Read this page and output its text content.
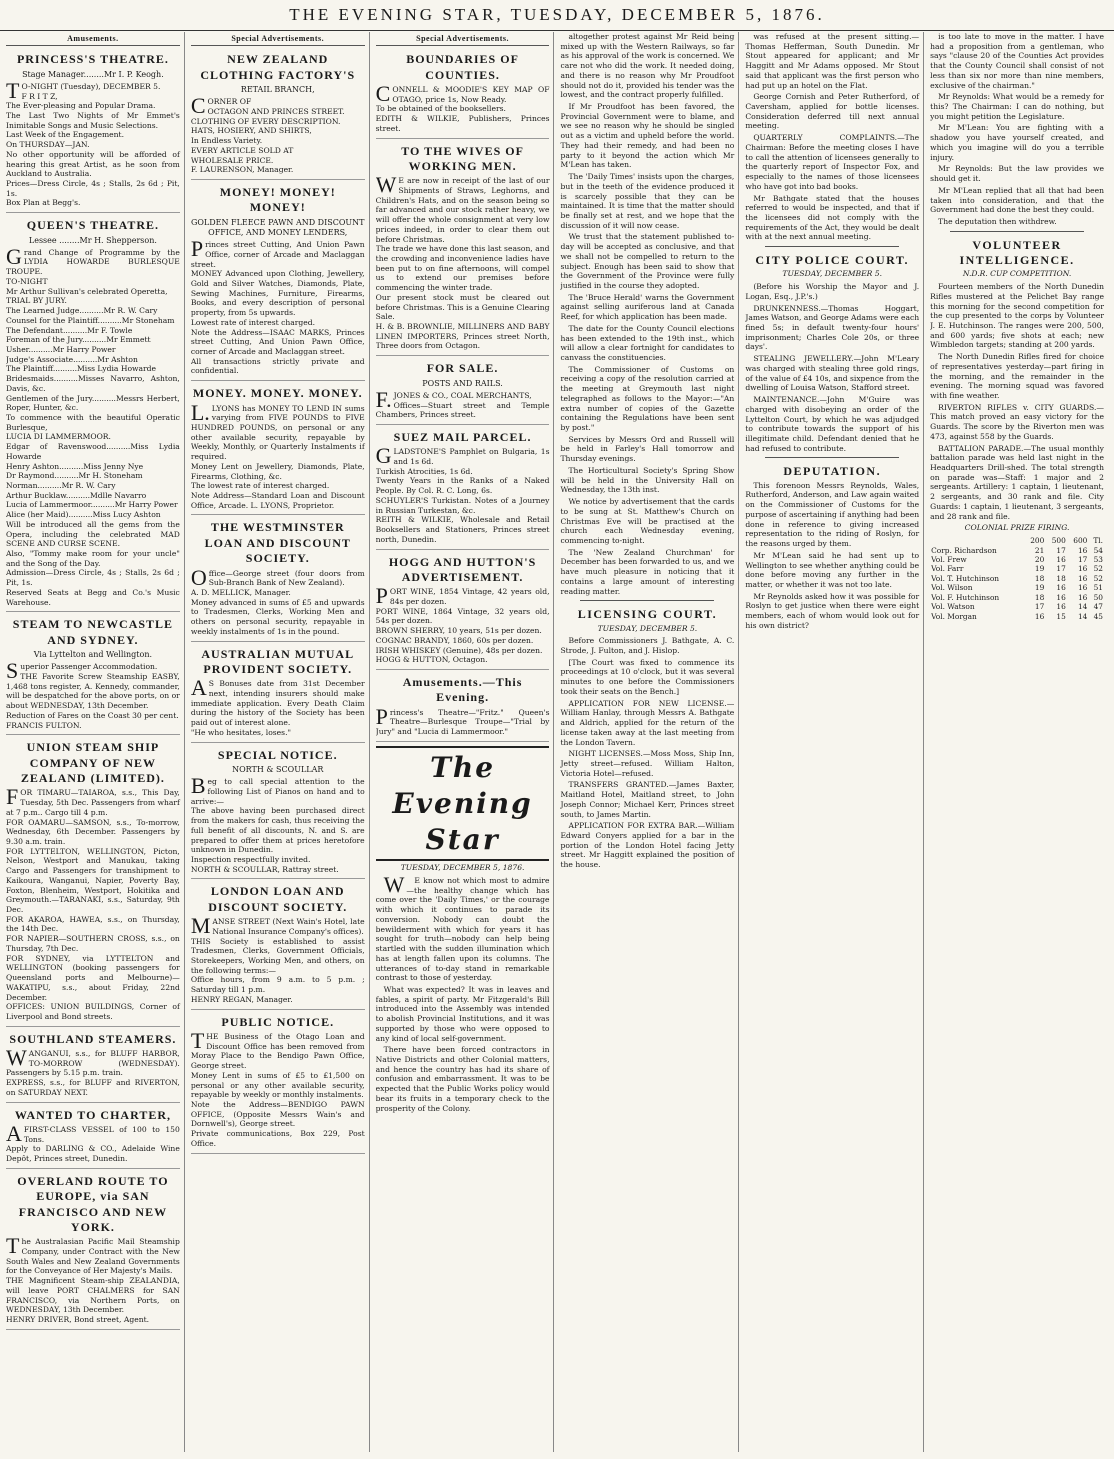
THE EVENING STAR, TUESDAY, DECEMBER 5, 1876.
Amusements.
PRINCESS'S THEATRE.
Stage Manager........Mr I. P. Keogh.
TO-NIGHT (Tuesday), DECEMBER 5.
F R I T Z,
The Ever-pleasing and Popular Drama.
The Last Two Nights of Mr Emmet's Inimitable Songs and Music Selections.
Last Week of the Engagement.
On THURSDAY—JAN.
No other opportunity will be afforded of hearing this great Artist, as he soon from Auckland to Australia.
Prices—Dress Circle, 4s ; Stalls, 2s 6d ; Pit, 1s.
Box Plan at Begg's.
QUEEN'S THEATRE.
Lessee ........Mr H. Shepperson.
Grand Change of Programme by the LYDIA HOWARDE BURLESQUE TROUPE.
TO-NIGHT
Mr Arthur Sullivan's celebrated Operetta,
TRIAL BY JURY.
The Learned Judge..........Mr R. W. Cary
Counsel for the Plaintiff..........Mr Stoneham
The Defendant..........Mr F. Towle
Foreman of the Jury..........Mr Emmett
Usher..........Mr Harry Power
Judge's Associate..........Mr Ashton
The Plaintiff..........Miss Lydia Howarde
Bridesmaids..........Misses Navarro, Ashton, Davis, &c.
Gentlemen of the Jury..........Messrs Herbert, Roper, Hunter, &c.
To commence with the beautiful Operatic Burlesque,
LUCIA DI LAMMERMOOR.
Edgar of Ravenswood..........Miss Lydia Howarde
Henry Ashton..........Miss Jenny Nye
Dr Raymond..........Mr H. Stoneham
Norman..........Mr R. W. Cary
Arthur Bucklaw..........Mdlle Navarro
Lucia of Lammermoor..........Mr Harry Power
Alice (her Maid)..........Miss Lucy Ashton
Will be introduced all the gems from the Opera, including the celebrated MAD SCENE AND CURSE SCENE.
Also, "Tommy make room for your uncle" and the Song of the Day.
Admission—Dress Circle, 4s ; Stalls, 2s 6d ; Pit, 1s.
Reserved Seats at Begg and Co.'s Music Warehouse.
STEAM TO NEWCASTLE AND SYDNEY.
Via Lyttelton and Wellington.
Superior Passenger Accommodation.
THE Favorite Screw Steamship EASBY, 1,468 tons register, A. Kennedy, commander, will be despatched for the above ports, on or about WEDNESDAY, 13th December.
Reduction of Fares on the Coast 30 per cent.
FRANCIS FULTON.
UNION STEAM SHIP COMPANY OF NEW ZEALAND (LIMITED).
FOR TIMARU—TAIAROA, s.s., This Day, Tuesday, 5th Dec. Passengers from wharf at 7 p.m.. Cargo till 4 p.m.
FOR OAMARU—SAMSON, s.s., To-morrow, Wednesday, 6th December. Passengers by 9.30 a.m. train.
FOR LYTTELTON, WELLINGTON, Picton, Nelson, Westport and Manukau, taking Cargo and Passengers for transhipment to Kaikoura, Wanganui, Napier, Poverty Bay, Foxton, Blenheim, Westport, Hokitika and Greymouth.—TARANAKI, s.s., Saturday, 9th Dec.
FOR AKAROA, HAWEA, s.s., on Thursday, the 14th Dec.
FOR NAPIER—SOUTHERN CROSS, s.s., on Thursday, 7th Dec.
FOR SYDNEY, via LYTTELTON and WELLINGTON (booking passengers for Queensland ports and Melbourne)—WAKATIPU, s.s., about Friday, 22nd December.
OFFICES: UNION BUILDINGS, Corner of Liverpool and Bond streets.
SOUTHLAND STEAMERS.
WANGANUI, s.s., for BLUFF HARBOR, TO-MORROW (WEDNESDAY). Passengers by 5.15 p.m. train.
EXPRESS, s.s., for BLUFF and RIVERTON, on SATURDAY NEXT.
WANTED TO CHARTER,
AFIRST-CLASS VESSEL of 100 to 150 Tons.
Apply to DARLING & CO., Adelaide Wine Depôt, Princes street, Dunedin.
OVERLAND ROUTE TO EUROPE, via SAN FRANCISCO AND NEW YORK.
The Australasian Pacific Mail Steamship Company, under Contract with the New South Wales and New Zealand Governments for the Conveyance of Her Majesty's Mails.
THE Magnificent Steam-ship ZEALANDIA, will leave PORT CHALMERS for SAN FRANCISCO, via Northern Ports, on WEDNESDAY, 13th December.
HENRY DRIVER, Bond street, Agent.
Special Advertisements.
NEW ZEALAND CLOTHING FACTORY'S
RETAIL BRANCH,
CORNER OF
OCTAGON AND PRINCES STREET.
CLOTHING OF EVERY DESCRIPTION.
HATS, HOSIERY, AND SHIRTS,
In Endless Variety.
EVERY ARTICLE SOLD AT
WHOLESALE PRICE.
F. LAURENSON, Manager.
MONEY! MONEY! MONEY!
GOLDEN FLEECE PAWN AND DISCOUNT OFFICE, AND MONEY LENDERS,
Princes street Cutting, And Union Pawn Office, corner of Arcade and Maclaggan street.
MONEY Advanced upon Clothing, Jewellery, Gold and Silver Watches, Diamonds, Plate, Sewing Machines, Furniture, Firearms, Books, and every description of personal property, from 5s upwards.
Lowest rate of interest charged.
Note the Address—ISAAC MARKS, Princes street Cutting, And Union Pawn Office, corner of Arcade and Maclaggan street.
All transactions strictly private and confidential.
MONEY. MONEY. MONEY.
L.LYONS has MONEY TO LEND IN sums varying from FIVE POUNDS to FIVE HUNDRED POUNDS, on personal or any other available security, repayable by Weekly, Monthly, or Quarterly Instalments if required.
Money Lent on Jewellery, Diamonds, Plate, Firearms, Clothing, &c.
The lowest rate of interest charged.
Note Address—Standard Loan and Discount Office, Arcade. L. LYONS, Proprietor.
THE WESTMINSTER LOAN AND DISCOUNT SOCIETY.
Office—George street (four doors from Sub-Branch Bank of New Zealand).
A. D. MELLICK, Manager.
Money advanced in sums of £5 and upwards to Tradesmen, Clerks, Working Men and others on personal security, repayable in weekly instalments of 1s in the pound.
AUSTRALIAN MUTUAL PROVIDENT SOCIETY.
AS Bonuses date from 31st December next, intending insurers should make immediate application. Every Death Claim during the history of the Society has been paid out of interest alone.
"He who hesitates, loses."
SPECIAL NOTICE.
NORTH & SCOULLAR
Beg to call special attention to the following List of Pianos on hand and to arrive:—
The above having been purchased direct from the makers for cash, thus receiving the full benefit of all discounts, N. and S. are prepared to offer them at prices heretofore unknown in Dunedin.
Inspection respectfully invited.
NORTH & SCOULLAR, Rattray street.
LONDON LOAN AND DISCOUNT SOCIETY.
MANSE STREET (Next Wain's Hotel, late National Insurance Company's offices).
THIS Society is established to assist Tradesmen, Clerks, Government Officials, Storekeepers, Working Men, and others, on the following terms:—
Office hours, from 9 a.m. to 5 p.m. ; Saturday till 1 p.m.
HENRY REGAN, Manager.
PUBLIC NOTICE.
THE Business of the Otago Loan and Discount Office has been removed from Moray Place to the Bendigo Pawn Office, George street.
Money Lent in sums of £5 to £1,500 on personal or any other available security, repayable by weekly or monthly instalments.
Note the Address—BENDIGO PAWN OFFICE, (Opposite Messrs Wain's and Dornwell's), George street.
Private communications, Box 229, Post Office.
Special Advertisements.
BOUNDARIES OF COUNTIES.
CONNELL & MOODIE'S KEY MAP OF OTAGO, price 1s, Now Ready.
To be obtained of the booksellers.
EDITH & WILKIE, Publishers, Princes street.
TO THE WIVES OF WORKING MEN.
WE are now in receipt of the last of our Shipments of Straws, Leghorns, and Children's Hats, and on the season being so far advanced and our stock rather heavy, we will offer the whole consignment at very low prices indeed, in order to clear them out before Christmas.
The trade we have done this last season, and the crowding and inconvenience ladies have been put to on fine afternoons, will compel us to extend our premises before commencing the winter trade.
Our present stock must be cleared out before Christmas. This is a Genuine Clearing Sale.
H. & B. BROWNLIE, MILLINERS AND BABY LINEN IMPORTERS, Princes street North, Three doors from Octagon.
FOR SALE.
POSTS AND RAILS.
F.JONES & CO., COAL MERCHANTS,
Offices—Stuart street and Temple Chambers, Princes street.
SUEZ MAIL PARCEL.
GLADSTONE'S Pamphlet on Bulgaria, 1s and 1s 6d.
Turkish Atrocities, 1s 6d.
Twenty Years in the Ranks of a Naked People. By Col. R. C. Long, 6s.
SCHUYLER'S Turkistan. Notes of a Journey in Russian Turkestan, &c.
REITH & WILKIE, Wholesale and Retail Booksellers and Stationers, Princes street north, Dunedin.
HOGG AND HUTTON'S ADVERTISEMENT.
PORT WINE, 1854 Vintage, 42 years old, 84s per dozen.
PORT WINE, 1864 Vintage, 32 years old, 54s per dozen.
BROWN SHERRY, 10 years, 51s per dozen.
COGNAC BRANDY, 1860, 60s per dozen.
IRISH WHISKEY (Genuine), 48s per dozen.
HOGG & HUTTON, Octagon.
Amusements.—This Evening.
Princess's Theatre—"Fritz." Queen's Theatre—Burlesque Troupe—"Trial by Jury" and "Lucia di Lammermoor."
The Evening Star
TUESDAY, DECEMBER 5, 1876.

WE know not which most to admire—the healthy change which has come over the 'Daily Times,' or the courage with which it continues to parade its conversion. Nobody can doubt the bewilderment with which for years it has sought for truth—nobody can help being startled with the sudden illumination which has at length fallen upon its columns. The utterances of to-day stand in remarkable contrast to those of yesterday.

What was expected? It was in leaves and fables, a spirit of party. Mr Fitzgerald's Bill introduced into the Assembly was intended to abolish Provincial Institutions, and it was supported by those who were opposed to any kind of local self-government.

There have been forced contractors in Native Districts and other Colonial matters, and hence the country has had its share of confusion and embarrassment. It was to be expected that the Public Works policy would bear its fruits in a temporary check to the prosperity of the Colony.

altogether protest against Mr Reid being mixed up with the Western Railways, so far as his approval of the work is concerned. We care not who did the work. It needed doing, and there is no reason why Mr Proudfoot should not do it, provided his tender was the lowest, and the contract properly fulfilled.

If Mr Proudfoot has been favored, the Provincial Government were to blame, and we see no reason why he should be singled out as a victim and upheld before the world. They had their remedy, and had been no party to it beyond the action which Mr M'Lean has taken.

The 'Daily Times' insists upon the charges, but in the teeth of the evidence produced it is scarcely possible that they can be maintained. It is time that the matter should be finally set at rest, and we hope that the discussion of it will now cease.

We trust that the statement published to-day will be accepted as conclusive, and that we shall not be compelled to return to the subject. Enough has been said to show that the Government of the Province were fully justified in the course they adopted.

The 'Bruce Herald' warns the Government against selling auriferous land at Canada Reef, for which application has been made.

The date for the County Council elections has been extended to the 19th inst., which will allow a clear fortnight for candidates to canvass the constituencies.

The Commissioner of Customs on receiving a copy of the resolution carried at the meeting at Greymouth last night telegraphed as follows to the Mayor:—"An extra number of copies of the Gazette containing the Regulations have been sent by post."

Services by Messrs Ord and Russell will be held in Farley's Hall tomorrow and Thursday evenings.

The Horticultural Society's Spring Show will be held in the University Hall on Wednesday, the 13th inst.

We notice by advertisement that the cards to be sung at St. Matthew's Church on Christmas Eve will be practised at the church each Wednesday evening, commencing to-night.

The 'New Zealand Churchman' for December has been forwarded to us, and we have much pleasure in noticing that it contains a large amount of interesting reading matter.

LICENSING COURT.
TUESDAY, DECEMBER 5.

Before Commissioners J. Bathgate, A. C. Strode, J. Fulton, and J. Hislop.

[The Court was fixed to commence its proceedings at 10 o'clock, but it was several minutes to one before the Commissioners took their seats on the Bench.]

APPLICATION FOR NEW LICENSE.—William Hanlay, through Messrs A. Bathgate and Aldrich, applied for the return of the license taken away at the last meeting from the London Tavern.

NIGHT LICENSES.—Moss Moss, Ship Inn, Jetty street—refused. William Halton, Victoria Hotel—refused.

TRANSFERS GRANTED.—James Baxter, Maitland Hotel, Maitland street, to John Joseph Connor; Michael Kerr, Princes street south, to James Martin.

APPLICATION FOR EXTRA BAR.—William Edward Conyers applied for a bar in the portion of the London Hotel facing Jetty street. Mr Haggitt explained the position of the house.

was refused at the present sitting.—Thomas Hefferman, South Dunedin. Mr Stout appeared for applicant; and Mr Haggitt and Mr Adams opposed. Mr Stout said that applicant was the first person who had put up an hotel on the Flat.

George Cornish and Peter Rutherford, of Caversham, applied for bottle licenses. Consideration deferred till next annual meeting.

QUARTERLY COMPLAINTS.—The Chairman: Before the meeting closes I have to call the attention of licensees generally to the quarterly report of Inspector Fox, and especially to the names of those licensees who have got into bad books.

Mr Bathgate stated that the houses referred to would be inspected, and that if the licensees did not comply with the requirements of the Act, they would be dealt with at the next annual meeting.

CITY POLICE COURT.
TUESDAY, DECEMBER 5.

(Before his Worship the Mayor and J. Logan, Esq., J.P.'s.)

DRUNKENNESS.—Thomas Hoggart, James Watson, and George Adams were each fined 5s; in default twenty-four hours' imprisonment; Charles Cole 20s, or three days'.

STEALING JEWELLERY.—John M'Leary was charged with stealing three gold rings, of the value of £4 10s, and sixpence from the dwelling of Louisa Watson, Stafford street.

MAINTENANCE.—John M'Guire was charged with disobeying an order of the Lyttelton Court, by which he was adjudged to contribute towards the support of his illegitimate child. Defendant denied that he had refused to contribute.

DEPUTATION.

This forenoon Messrs Reynolds, Wales, Rutherford, Anderson, and Law again waited on the Commissioner of Customs for the purpose of ascertaining if anything had been done in reference to giving increased representation to the riding of Roslyn, for the reasons urged by them.

Mr M'Lean said he had sent up to Wellington to see whether anything could be done before moving any further in the matter, or whether it was not too late.

Mr Reynolds asked how it was possible for Roslyn to get justice when there were eight members, each of whom would look out for his own district?

is too late to move in the matter. I have had a proposition from a gentleman, who says "clause 20 of the Counties Act provides that the County Council shall consist of not less than six nor more than nine members, exclusive of the chairman."

Mr Reynolds: What would be a remedy for this? The Chairman: I can do nothing, but you might petition the Legislature.

Mr M'Lean: You are fighting with a shadow you have yourself created, and which you imagine will do you a terrible injury.

Mr Reynolds: But the law provides we should get it.

Mr M'Lean replied that all that had been taken into consideration, and that the Government had done the best they could.

The deputation then withdrew.

VOLUNTEER INTELLIGENCE.
N.D.R. CUP COMPETITION.

Fourteen members of the North Dunedin Rifles mustered at the Pelichet Bay range this morning for the second competition for the cup presented to the corps by Volunteer J. E. Hutchinson. The ranges were 200, 500, and 600 yards; five shots at each; new Wimbledon targets; standing at 200 yards.

The North Dunedin Rifles fired for choice of representatives yesterday—part firing in the morning, and the remainder in the evening. The morning squad was favored with fine weather.

RIVERTON RIFLES v. CITY GUARDS.—This match proved an easy victory for the Guards. The score by the Riverton men was 473, against 558 by the Guards.

BATTALION PARADE.—The usual monthly battalion parade was held last night in the Headquarters Drill-shed. The total strength on parade was—Staff: 1 major and 2 sergeants. Artillery: 1 captain, 1 lieutenant, 2 sergeants, and 30 rank and file. City Guards: 1 captain, 1 lieutenant, 3 sergeants, and 28 rank and file.

COLONIAL PRIZE FIRING.
	200	500	600	Tl.
Corp. Richardson	21	17	16	54
Vol. Frew	20	16	17	53
Vol. Farr	19	17	16	52
Vol. T. Hutchinson	18	18	16	52
Vol. Wilson	19	16	16	51
Vol. F. Hutchinson	18	16	16	50
Vol. Watson	17	16	14	47
Vol. Morgan	16	15	14	45
